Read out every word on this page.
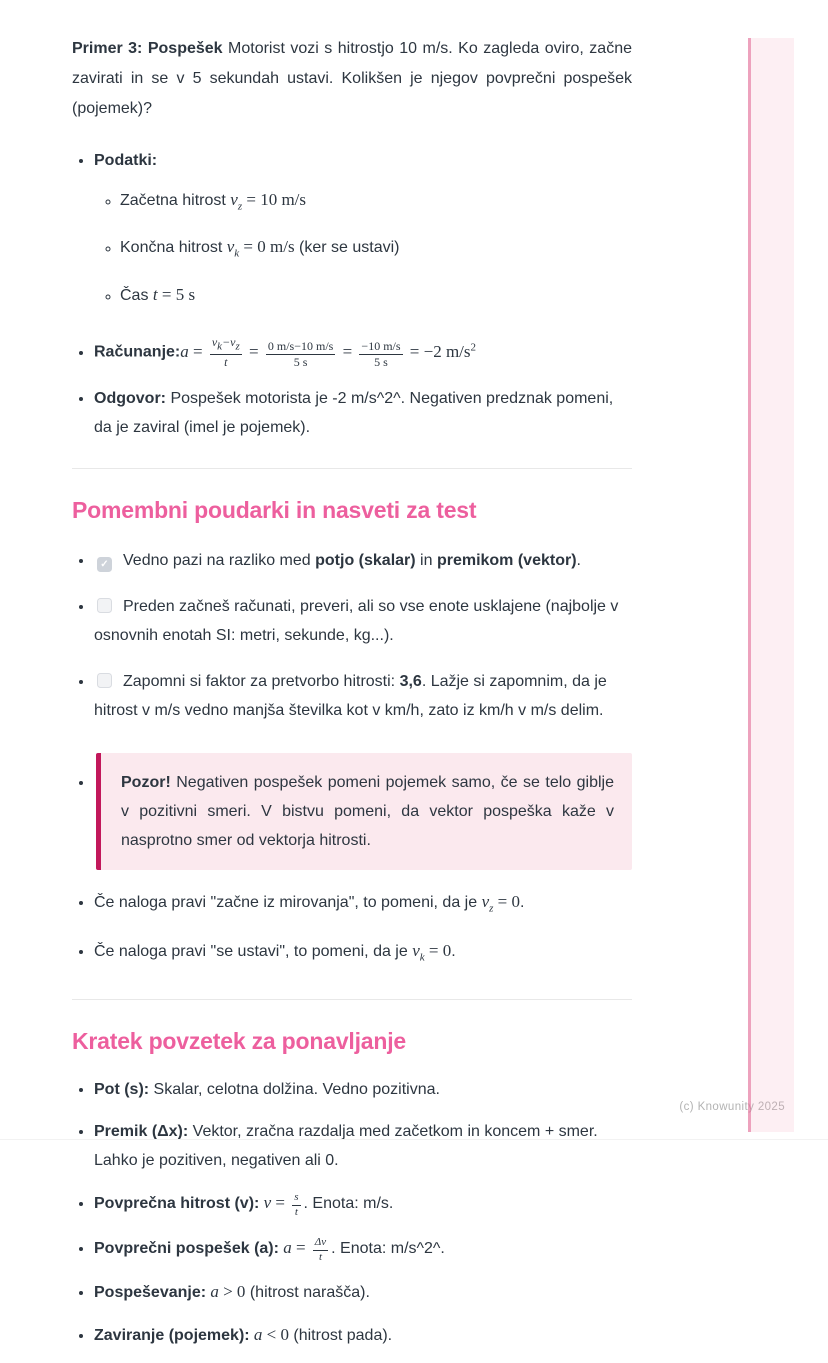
Primer 3: Pospešek Motorist vozi s hitrostjo 10 m/s. Ko zagleda oviro, začne zavirati in se v 5 sekundah ustavi. Kolikšen je njegov povprečni pospešek (pojemek)?

• Podatki:
◦ Začetna hitrost $v_z = 10$ m/s
◦ Končna hitrost $v_k = 0$ m/s (ker se ustavi)
◦ Čas t = 5 s
• Računanje:a = $\frac{v_k-v_z}{t} = \frac{0 m/s-10 m/s}{5 s} = \frac{-10 m/s}{5 s} = -2$ $m/s^2$
• Odgovor: Pospešek motorista je -2 m/s^2^. Negativen predznak pomeni, da je zaviral (imel je pojemek).
Pomembni poudarki in nasveti za test
• ✓ Vedno pazi na razliko med potjo (skalar) in premikom (vektor).
• Preden začneš računati, preveri, ali so vse enote usklajene (najbolje v osnovnih enotah SI: metri, sekunde, kg...).
• Zapomni si faktor za pretvorbo hitrosti: 3,6. Lažje si zapomnim, da je hitrost v m/s vedno manjša številka kot v km/h, zato iz km/h v m/s delim.
• Pozor! Negativen pospešek pomeni pojemek samo, če se telo giblje v pozitivni smeri. V bistvu pomeni, da vektor pospeška kaže v nasprotno smer od vektorja hitrosti.
• Če naloga pravi "začne iz mirovanja", to pomeni, da je $v_z = 0$.
• Če naloga pravi "se ustavi", to pomeni, da je $v_k = 0$.
Kratek povzetek za ponavljanje
• Pot (s): Skalar, celotna dolžina. Vedno pozitivna.
• Premik (Δx): Vektor, zračna razdalja med začetkom in koncem + smer. Lahko je pozitiven, negativen ali 0.
• Povprečna hitrost (v): $v = \frac{s}{t}$ . Enota: m/s.
• Povprečni pospešek (a): $a = \frac{\Delta v}{t}$ . Enota: m/s^2^.
• Pospeševanje: a > 0 (hitrost narašča).
• Zaviranje (pojemek): a < 0 (hitrost pada).
(c) Knowunity 2025
